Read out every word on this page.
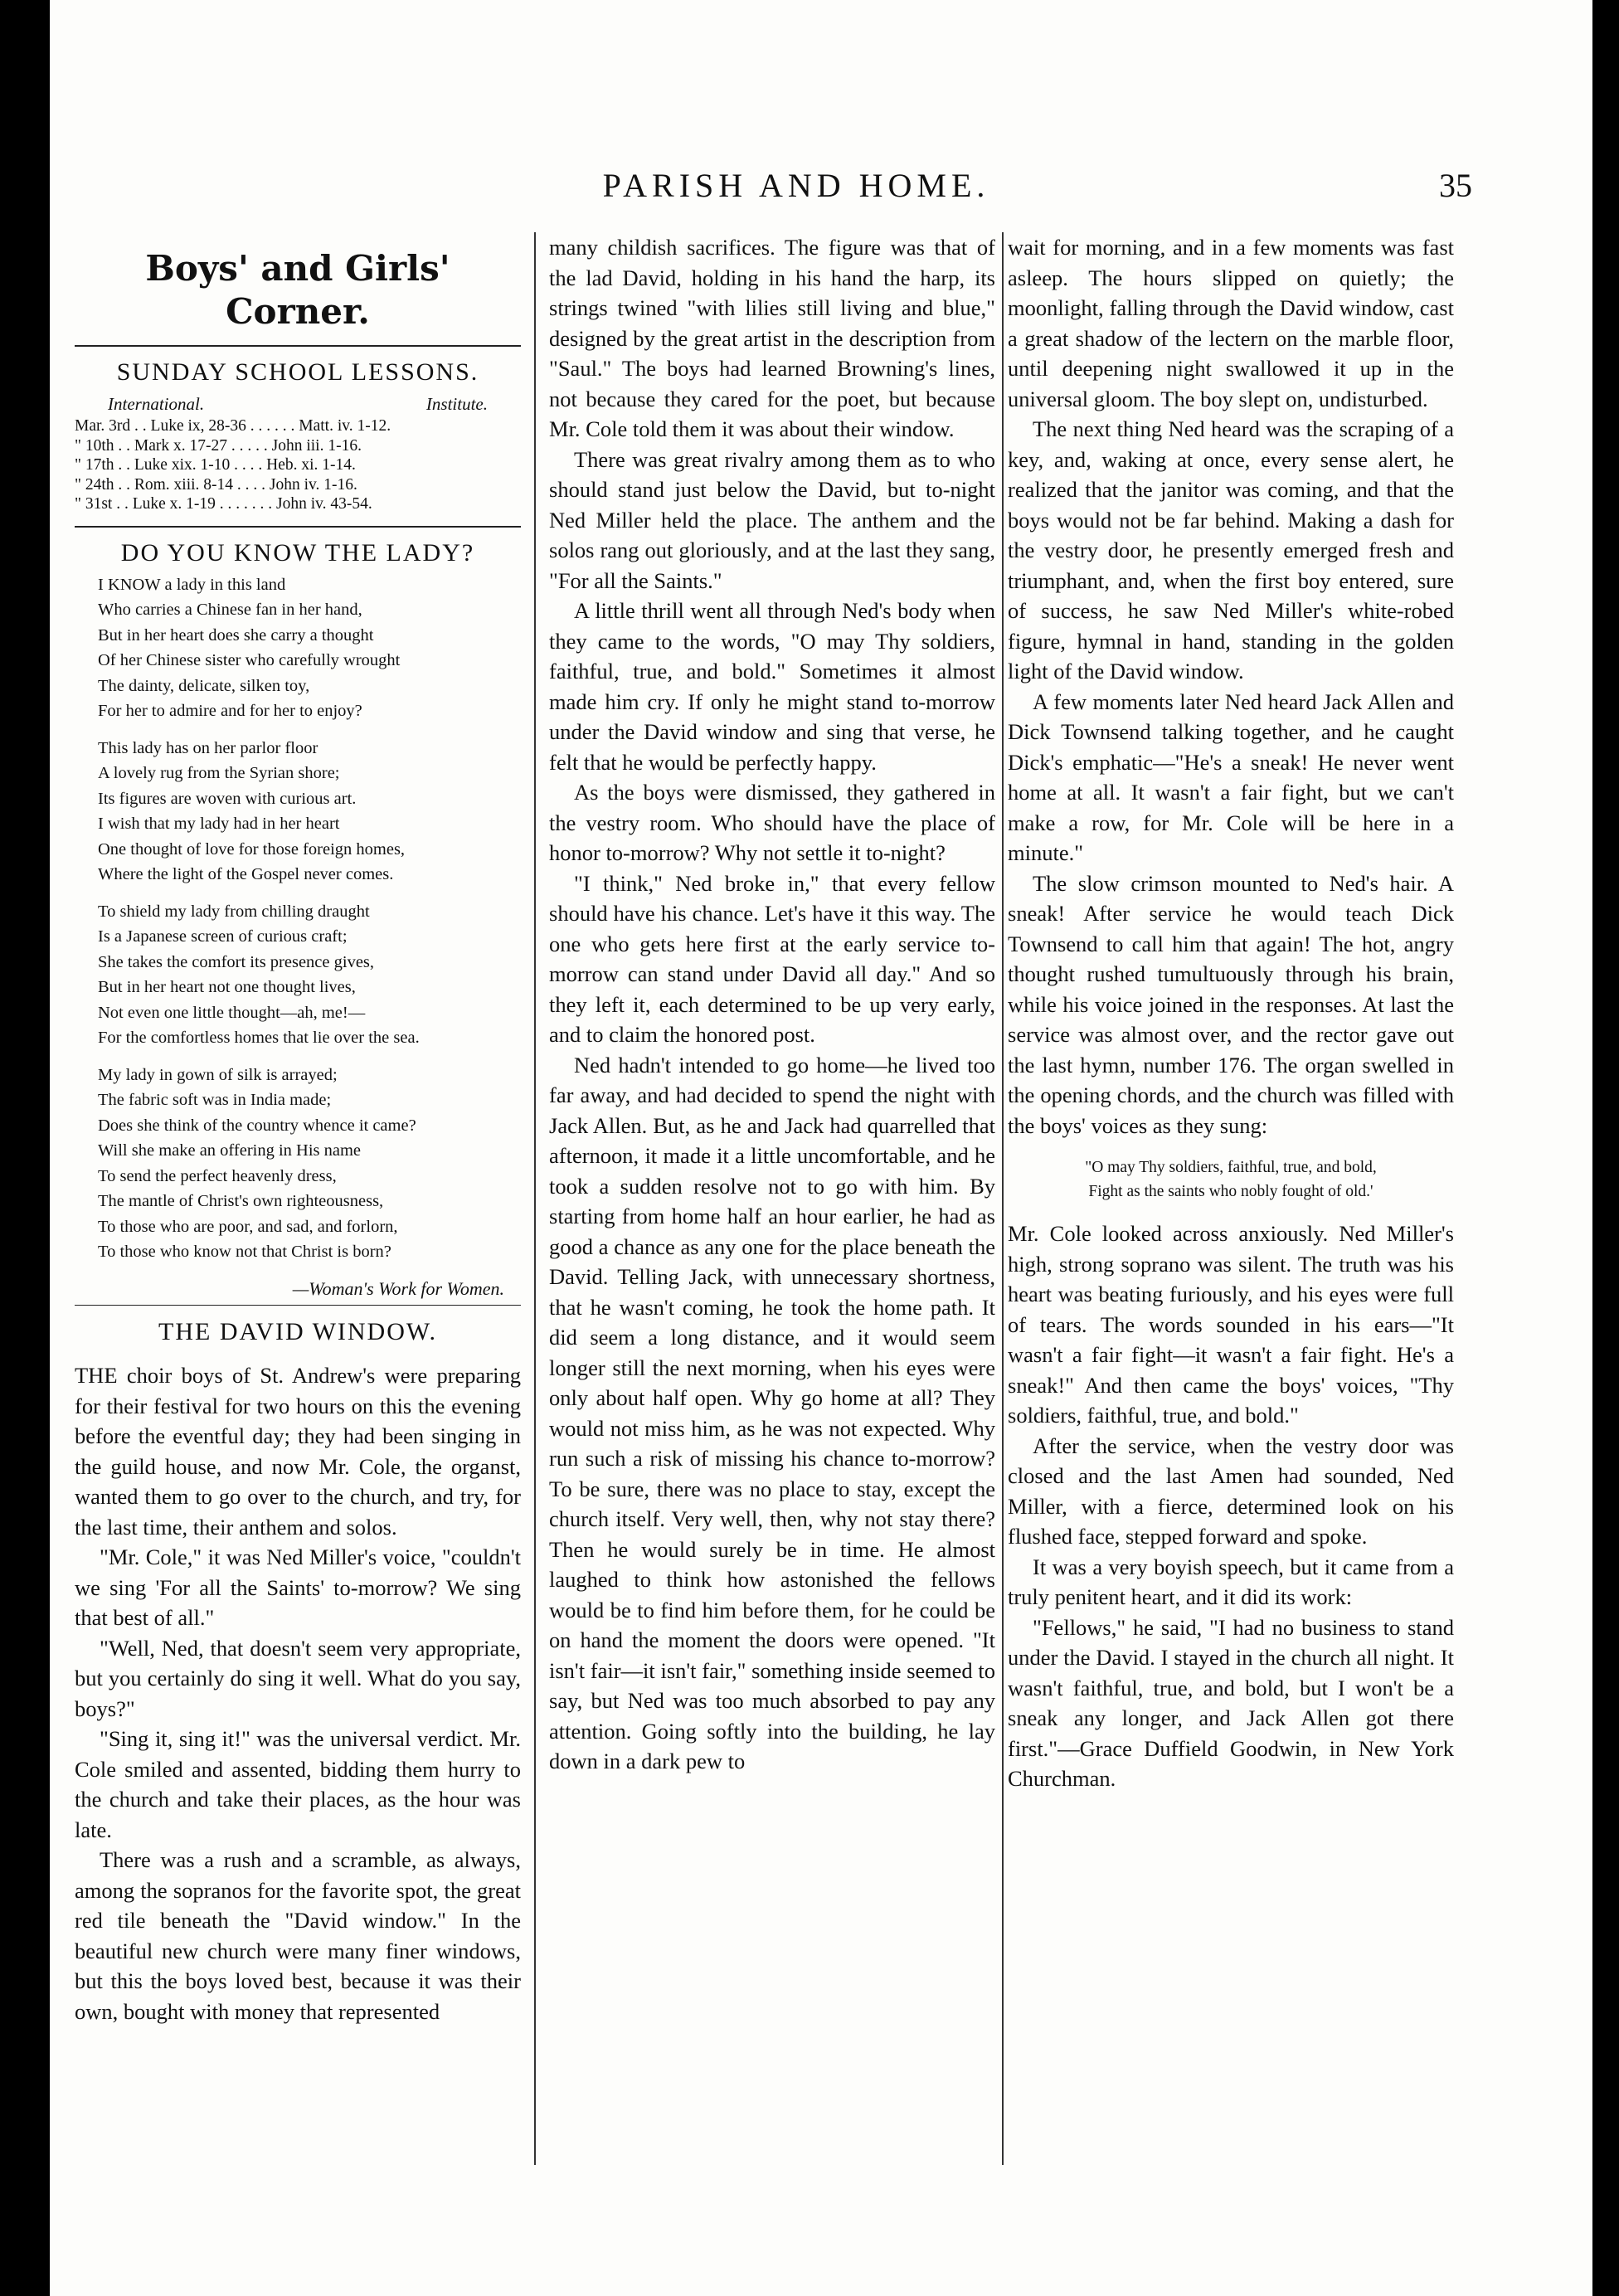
PARISH AND HOME.	35
Boys' and Girls' Corner.
SUNDAY SCHOOL LESSONS.
International.	Institute.
Mar. 3rd . . Luke ix, 28-36 . . . . . . Matt. iv. 1-12.
" 10th . . Mark x. 17-27 . . . . . John iii. 1-16.
" 17th . . Luke xix. 1-10 . . . . Heb. xi. 1-14.
" 24th . . Rom. xiii. 8-14 . . . . John iv. 1-16.
" 31st . . Luke x. 1-19 . . . . . . . John iv. 43-54.
DO YOU KNOW THE LADY?
I KNOW a lady in this land
Who carries a Chinese fan in her hand,
But in her heart does she carry a thought
Of her Chinese sister who carefully wrought
The dainty, delicate, silken toy,
For her to admire and for her to enjoy?
This lady has on her parlor floor
A lovely rug from the Syrian shore;
Its figures are woven with curious art.
I wish that my lady had in her heart
One thought of love for those foreign homes,
Where the light of the Gospel never comes.
To shield my lady from chilling draught
Is a Japanese screen of curious craft;
She takes the comfort its presence gives,
But in her heart not one thought lives,
Not even one little thought—ah, me!—
For the comfortless homes that lie over the sea.
My lady in gown of silk is arrayed;
The fabric soft was in India made;
Does she think of the country whence it came?
Will she make an offering in His name
To send the perfect heavenly dress,
The mantle of Christ's own righteousness,
To those who are poor, and sad, and forlorn,
To those who know not that Christ is born?
—Woman's Work for Women.
THE DAVID WINDOW.

THE choir boys of St. Andrew's were preparing for their festival for two hours on this the evening before the eventful day; they had been singing in the guild house, and now Mr. Cole, the organst, wanted them to go over to the church, and try, for the last time, their anthem and solos.

"Mr. Cole," it was Ned Miller's voice, "couldn't we sing 'For all the Saints' to-morrow? We sing that best of all."

"Well, Ned, that doesn't seem very appropriate, but you certainly do sing it well. What do you say, boys?"

"Sing it, sing it!" was the universal verdict. Mr. Cole smiled and assented, bidding them hurry to the church and take their places, as the hour was late.

There was a rush and a scramble, as always, among the sopranos for the favorite spot, the great red tile beneath the "David window." In the beautiful new church were many finer windows, but this the boys loved best, because it was their own, bought with money that represented

many childish sacrifices. The figure was that of the lad David, holding in his hand the harp, its strings twined "with lilies still living and blue," designed by the great artist in the description from "Saul." The boys had learned Browning's lines, not because they cared for the poet, but because Mr. Cole told them it was about their window.

There was great rivalry among them as to who should stand just below the David, but to-night Ned Miller held the place. The anthem and the solos rang out gloriously, and at the last they sang, "For all the Saints."

A little thrill went all through Ned's body when they came to the words, "O may Thy soldiers, faithful, true, and bold." Sometimes it almost made him cry. If only he might stand to-morrow under the David window and sing that verse, he felt that he would be perfectly happy.

As the boys were dismissed, they gathered in the vestry room. Who should have the place of honor to-morrow? Why not settle it to-night?

"I think," Ned broke in," that every fellow should have his chance. Let's have it this way. The one who gets here first at the early service to-morrow can stand under David all day." And so they left it, each determined to be up very early, and to claim the honored post.

Ned hadn't intended to go home—he lived too far away, and had decided to spend the night with Jack Allen. But, as he and Jack had quarrelled that afternoon, it made it a little uncomfortable, and he took a sudden resolve not to go with him. By starting from home half an hour earlier, he had as good a chance as any one for the place beneath the David. Telling Jack, with unnecessary shortness, that he wasn't coming, he took the home path. It did seem a long distance, and it would seem longer still the next morning, when his eyes were only about half open. Why go home at all? They would not miss him, as he was not expected. Why run such a risk of missing his chance to-morrow? To be sure, there was no place to stay, except the church itself. Very well, then, why not stay there? Then he would surely be in time. He almost laughed to think how astonished the fellows would be to find him before them, for he could be on hand the moment the doors were opened. "It isn't fair—it isn't fair," something inside seemed to say, but Ned was too much absorbed to pay any attention. Going softly into the building, he lay down in a dark pew to

wait for morning, and in a few moments was fast asleep. The hours slipped on quietly; the moonlight, falling through the David window, cast a great shadow of the lectern on the marble floor, until deepening night swallowed it up in the universal gloom. The boy slept on, undisturbed.

The next thing Ned heard was the scraping of a key, and, waking at once, every sense alert, he realized that the janitor was coming, and that the boys would not be far behind. Making a dash for the vestry door, he presently emerged fresh and triumphant, and, when the first boy entered, sure of success, he saw Ned Miller's white-robed figure, hymnal in hand, standing in the golden light of the David window.

A few moments later Ned heard Jack Allen and Dick Townsend talking together, and he caught Dick's emphatic—"He's a sneak! He never went home at all. It wasn't a fair fight, but we can't make a row, for Mr. Cole will be here in a minute."

The slow crimson mounted to Ned's hair. A sneak! After service he would teach Dick Townsend to call him that again! The hot, angry thought rushed tumultuously through his brain, while his voice joined in the responses. At last the service was almost over, and the rector gave out the last hymn, number 176. The organ swelled in the opening chords, and the church was filled with the boys' voices as they sung:

"O may Thy soldiers, faithful, true, and bold,
Fight as the saints who nobly fought of old.'

Mr. Cole looked across anxiously. Ned Miller's high, strong soprano was silent. The truth was his heart was beating furiously, and his eyes were full of tears. The words sounded in his ears—"It wasn't a fair fight—it wasn't a fair fight. He's a sneak!" And then came the boys' voices, "Thy soldiers, faithful, true, and bold."

After the service, when the vestry door was closed and the last Amen had sounded, Ned Miller, with a fierce, determined look on his flushed face, stepped forward and spoke.

It was a very boyish speech, but it came from a truly penitent heart, and it did its work:

"Fellows," he said, "I had no business to stand under the David. I stayed in the church all night. It wasn't faithful, true, and bold, but I won't be a sneak any longer, and Jack Allen got there first."—Grace Duffield Goodwin, in New York Churchman.
